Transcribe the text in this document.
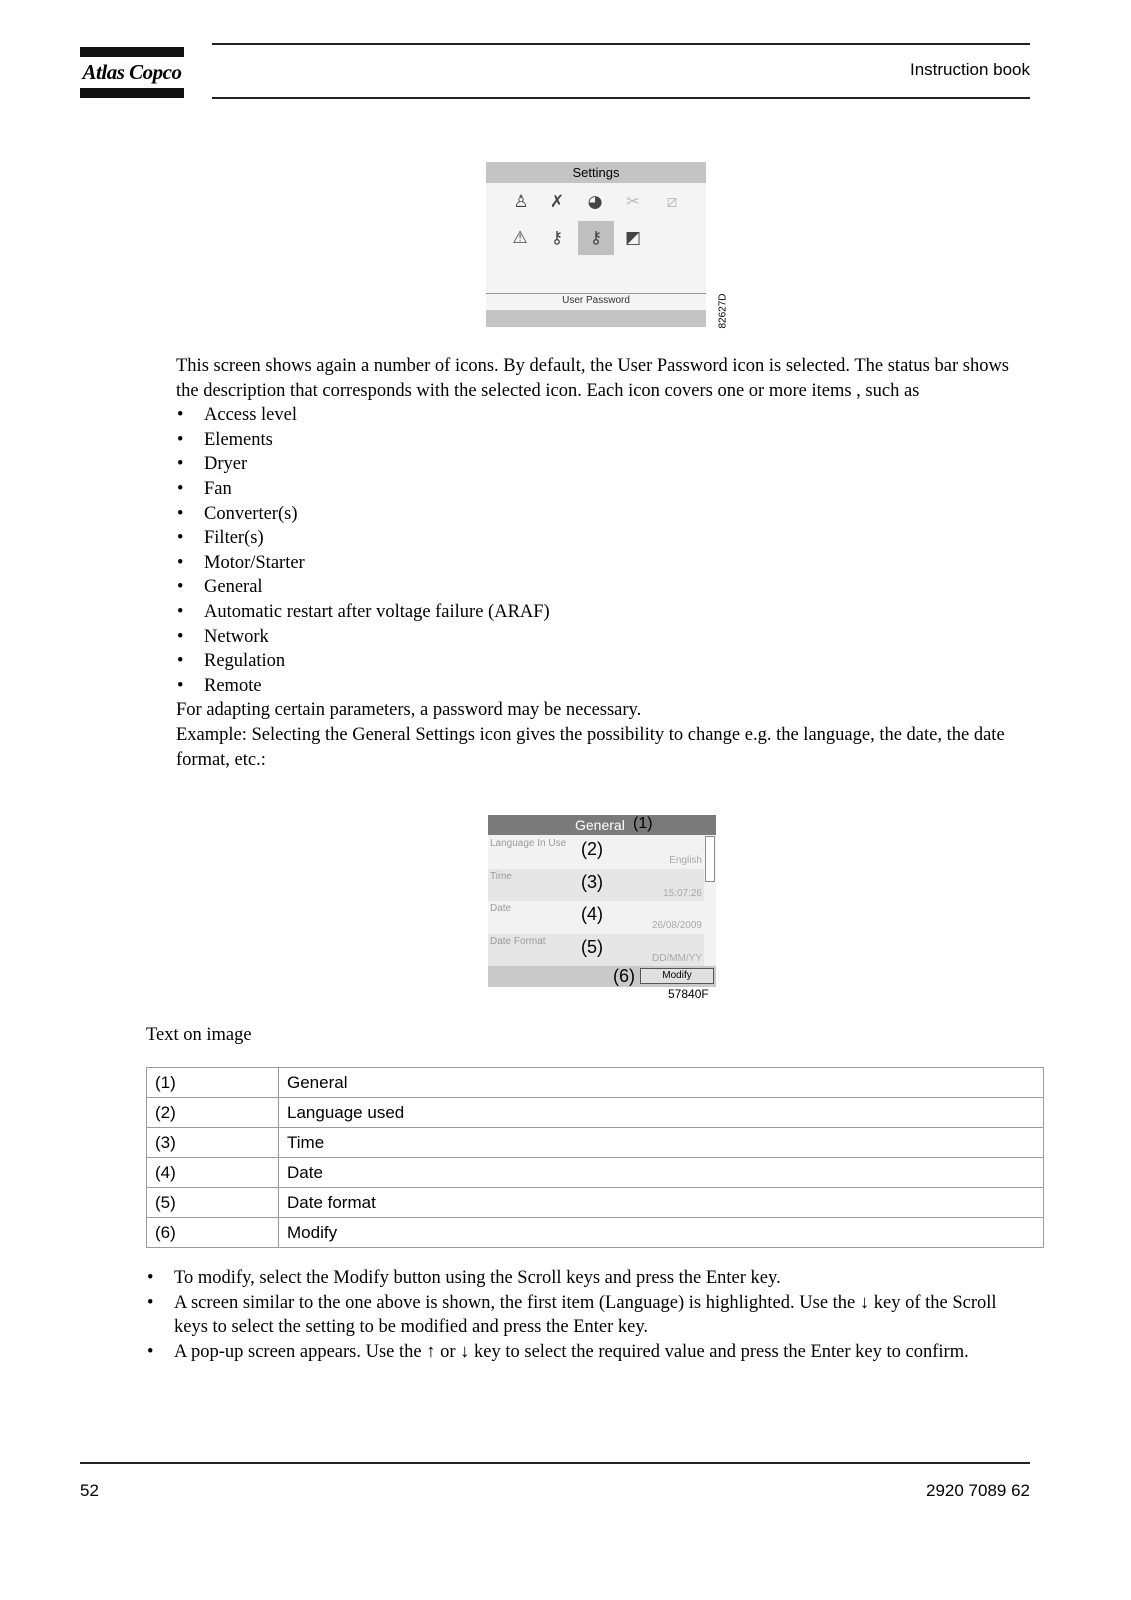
Atlas Copco	Instruction book
Settings
♙ ✗ ◕ ✂	⧄
⚠	⚷	⚷	◩
User Password	82627D
This screen shows again a number of icons. By default, the User Password icon is selected. The status bar shows the description that corresponds with the selected icon. Each icon covers one or more items , such as
• Access level
• Elements
• Dryer
• Fan
• Converter(s)
• Filter(s)
• Motor/Starter
• General
• Automatic restart after voltage failure (ARAF)
• Network
• Regulation
• Remote
For adapting certain parameters, a password may be necessary.
Example: Selecting the General Settings icon gives the possibility to change e.g. the language, the date, the date format, etc.:
General (1)
Language In Use (2)
English
Time	(3)
15:07:26
Date	(4)
26/08/2009
Date Format (5)
DD/MM/YY
(6)	Modify
57840F
Text on image
(1)	General
(2)	Language used
(3)	Time
(4)	Date
(5)	Date format
(6)	Modify
• To modify, select the Modify button using the Scroll keys and press the Enter key.
• A screen similar to the one above is shown, the first item (Language) is highlighted. Use the ↓ key of the Scroll keys to select the setting to be modified and press the Enter key.
• A pop-up screen appears. Use the ↑ or ↓ key to select the required value and press the Enter key to confirm.
52	2920 7089 62
